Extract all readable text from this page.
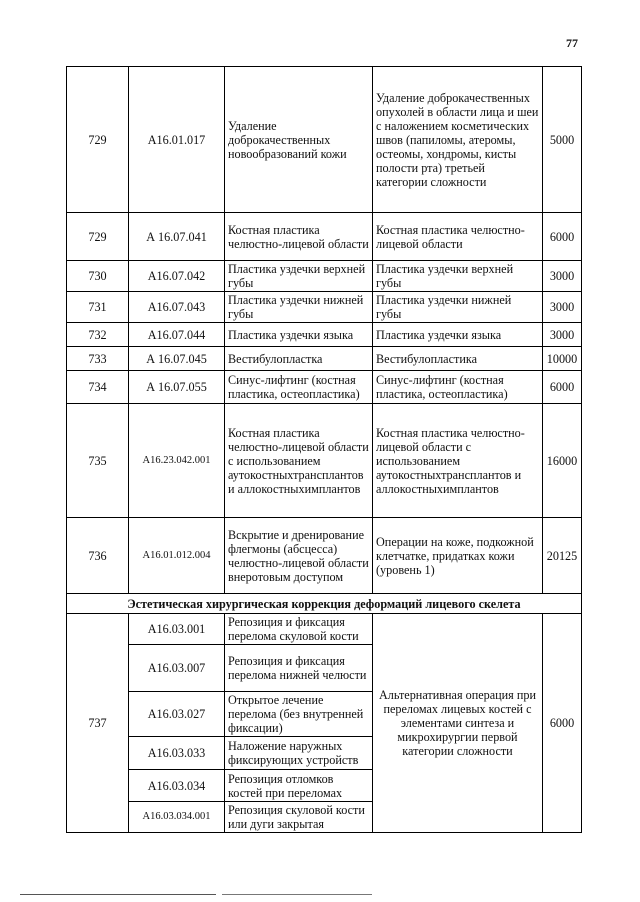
77
729	A16.01.017	Удаление доброкачественных новообразований кожи	Удаление доброкачественных опухолей в области лица и шеи с наложением косметических швов (папиломы, атеромы, остеомы, хондромы, кисты полости рта) третьей категории сложности	5000
729	А 16.07.041	Костная пластика челюстно-лицевой области	Костная пластика челюстно-лицевой области	6000
730	А16.07.042	Пластика уздечки верхней губы	Пластика уздечки верхней губы	3000
731	А16.07.043	Пластика уздечки нижней губы	Пластика уздечки нижней губы	3000
732	А16.07.044	Пластика уздечки языка	Пластика уздечки языка	3000
733	А 16.07.045	Вестибулопластка	Вестибулопластика	10000
734	А 16.07.055	Синус-лифтинг (костная пластика, остеопластика)	Синус-лифтинг (костная пластика, остеопластика)	6000
735	А16.23.042.001	Костная пластика челюстно-лицевой области с использованием аутокостныхтрансплантов и аллокостныхимплантов	Костная пластика челюстно-лицевой области с использованием аутокостныхтрансплантов и аллокостныхимплантов	16000
736	А16.01.012.004	Вскрытие и дренирование флегмоны (абсцесса) челюстно-лицевой области внеротовым доступом	Операции на коже, подкожной клетчатке, придатках кожи (уровень 1)	20125
Эстетическая хирургическая коррекция деформаций лицевого скелета				
737	А16.03.001	Репозиция и фиксация перелома скуловой кости	Альтернативная операция при переломах лицевых костей с элементами синтеза и микрохирургии первой категории сложности	6000
	А16.03.007	Репозиция и фиксация перелома нижней челюсти		
	А16.03.027	Открытое лечение перелома (без внутренней фиксации)		
	А16.03.033	Наложение наружных фиксирующих устройств		
	А16.03.034	Репозиция отломков костей при переломах		
	А16.03.034.001	Репозиция скуловой кости или дуги закрытая		
